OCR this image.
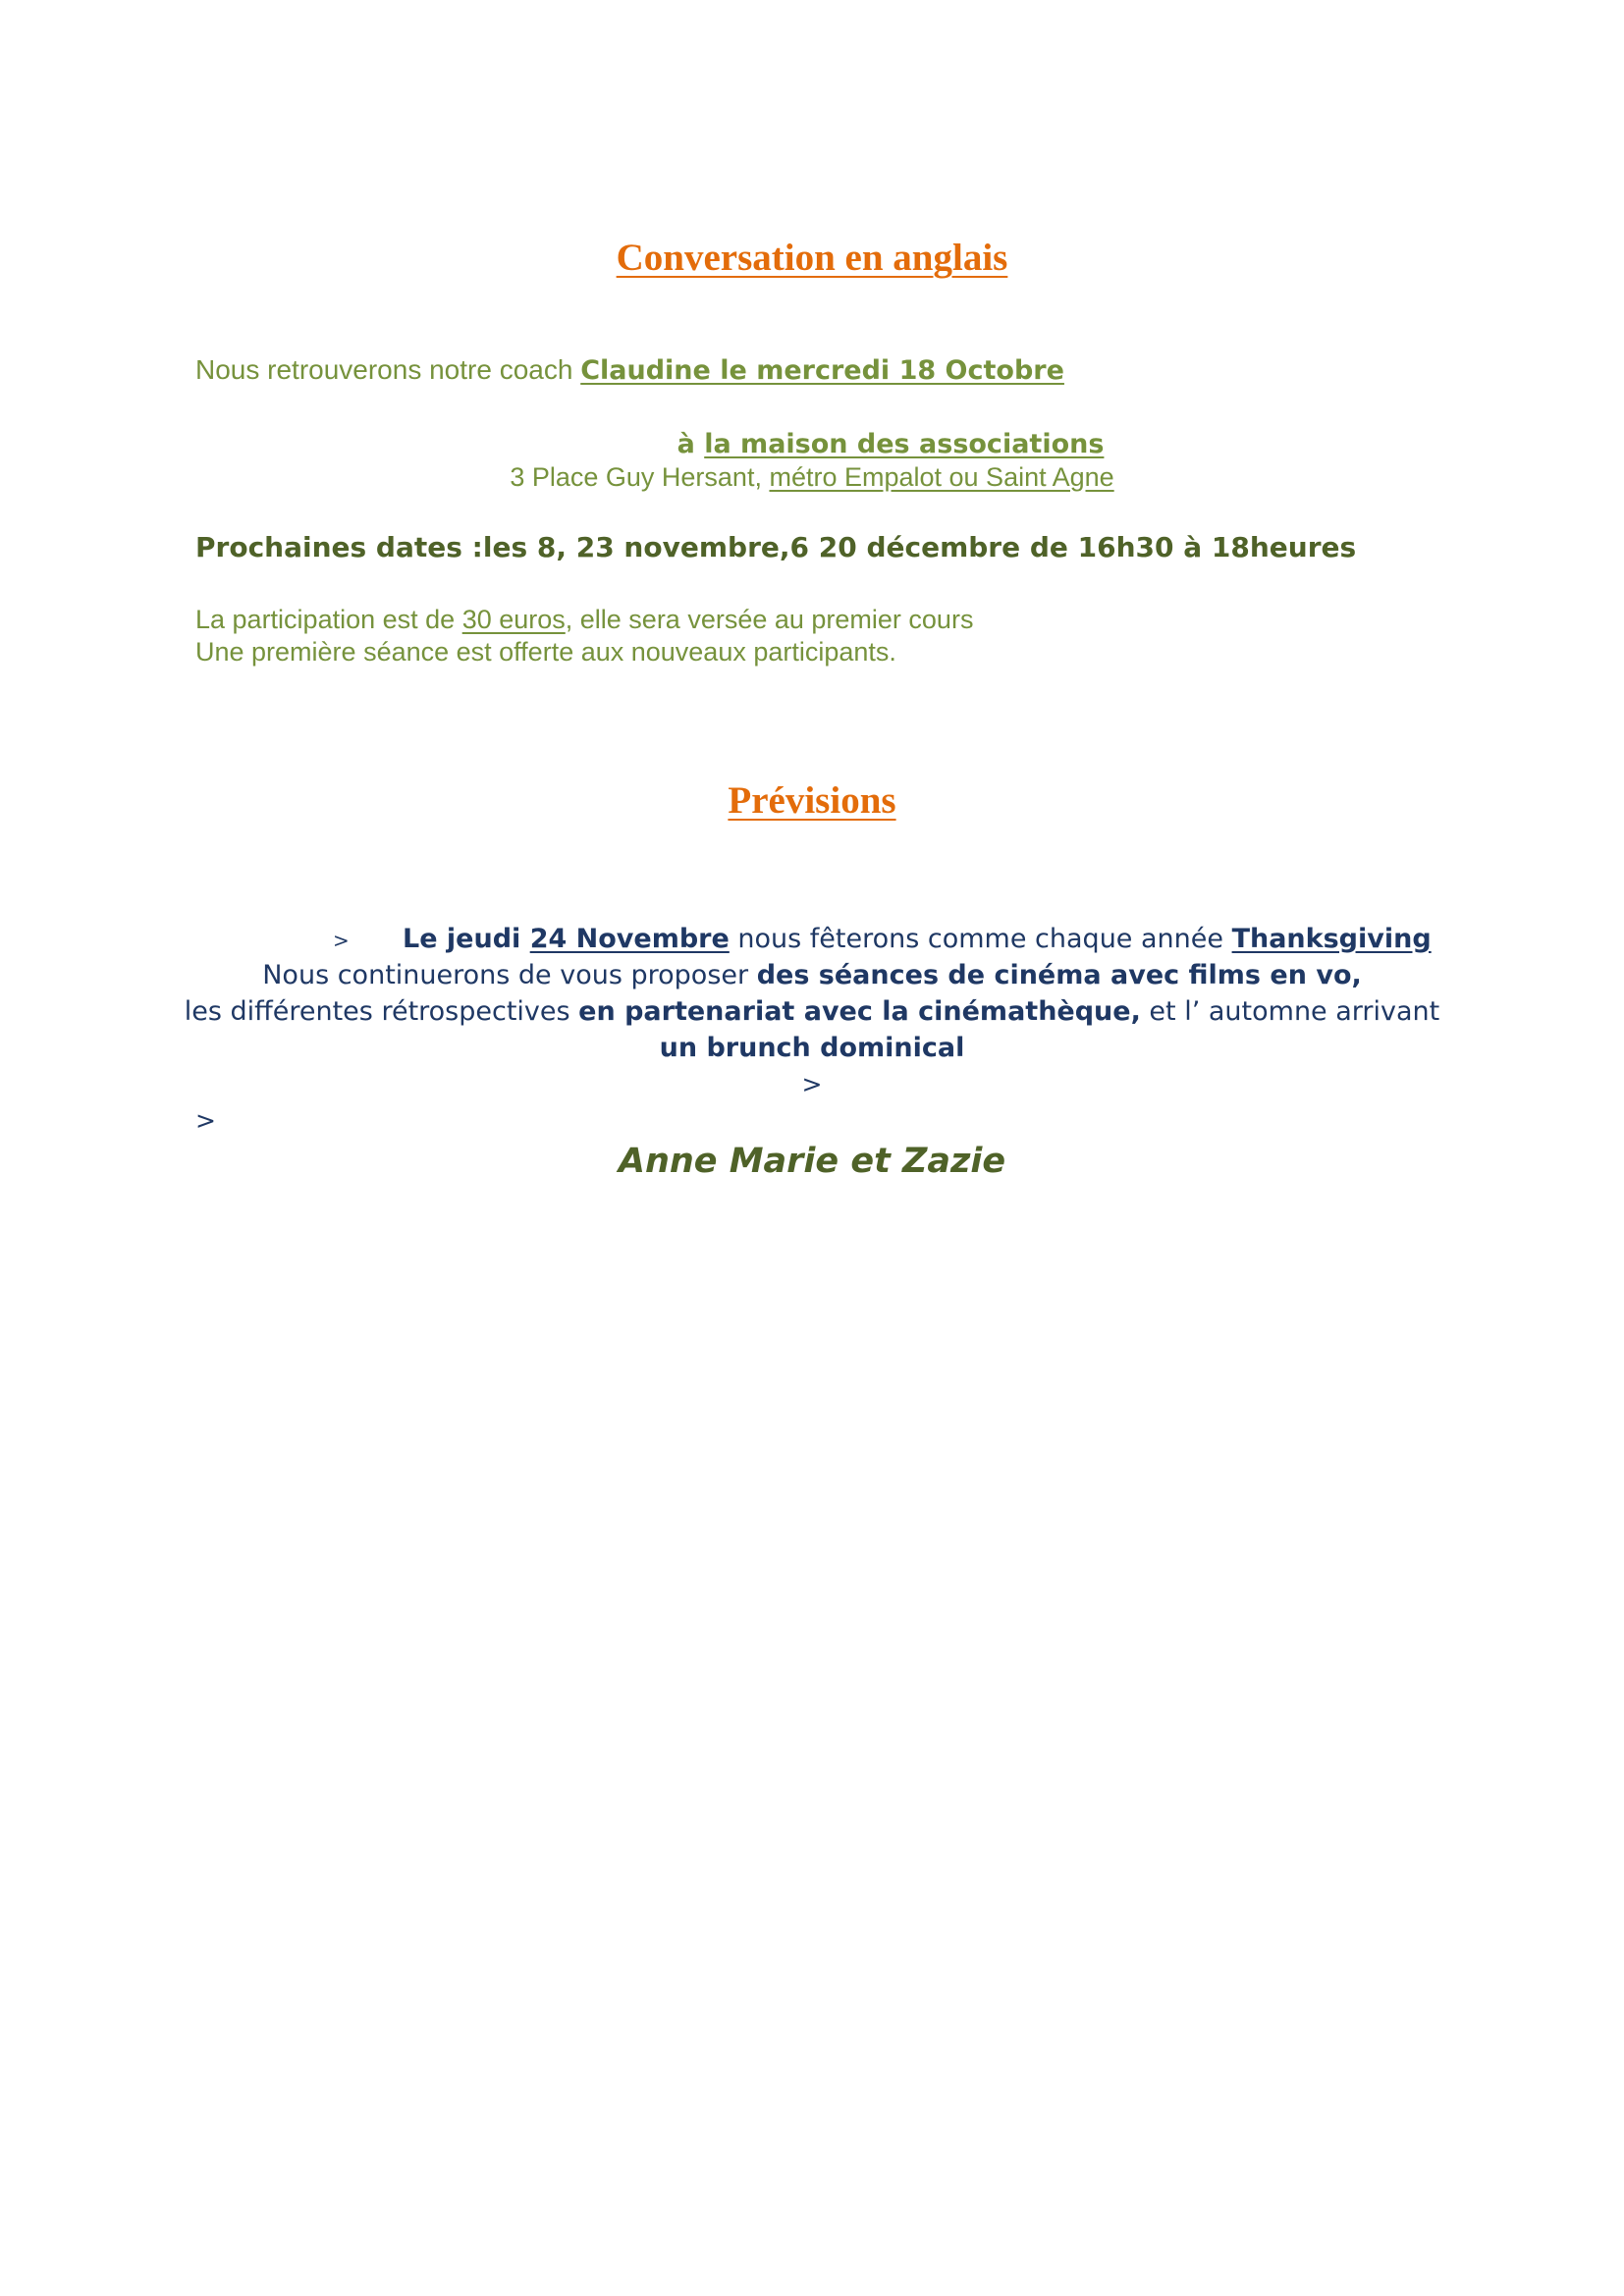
Conversation en anglais
Nous retrouverons notre coach Claudine le mercredi 18 Octobre
à la maison des associations
3 Place Guy Hersant, métro Empalot ou Saint Agne
Prochaines dates :les 8, 23 novembre,6 20 décembre de 16h30 à 18heures
La participation est de 30 euros, elle sera versée au premier cours
Une première séance est offerte aux nouveaux participants.
Prévisions
> Le jeudi 24 Novembre nous fêterons comme chaque année Thanksgiving
Nous continuerons de vous proposer des séances de cinéma avec films en vo,
les différentes rétrospectives en partenariat avec la cinémathèque, et l’ automne arrivant
un brunch dominical
>
>
Anne Marie et Zazie
